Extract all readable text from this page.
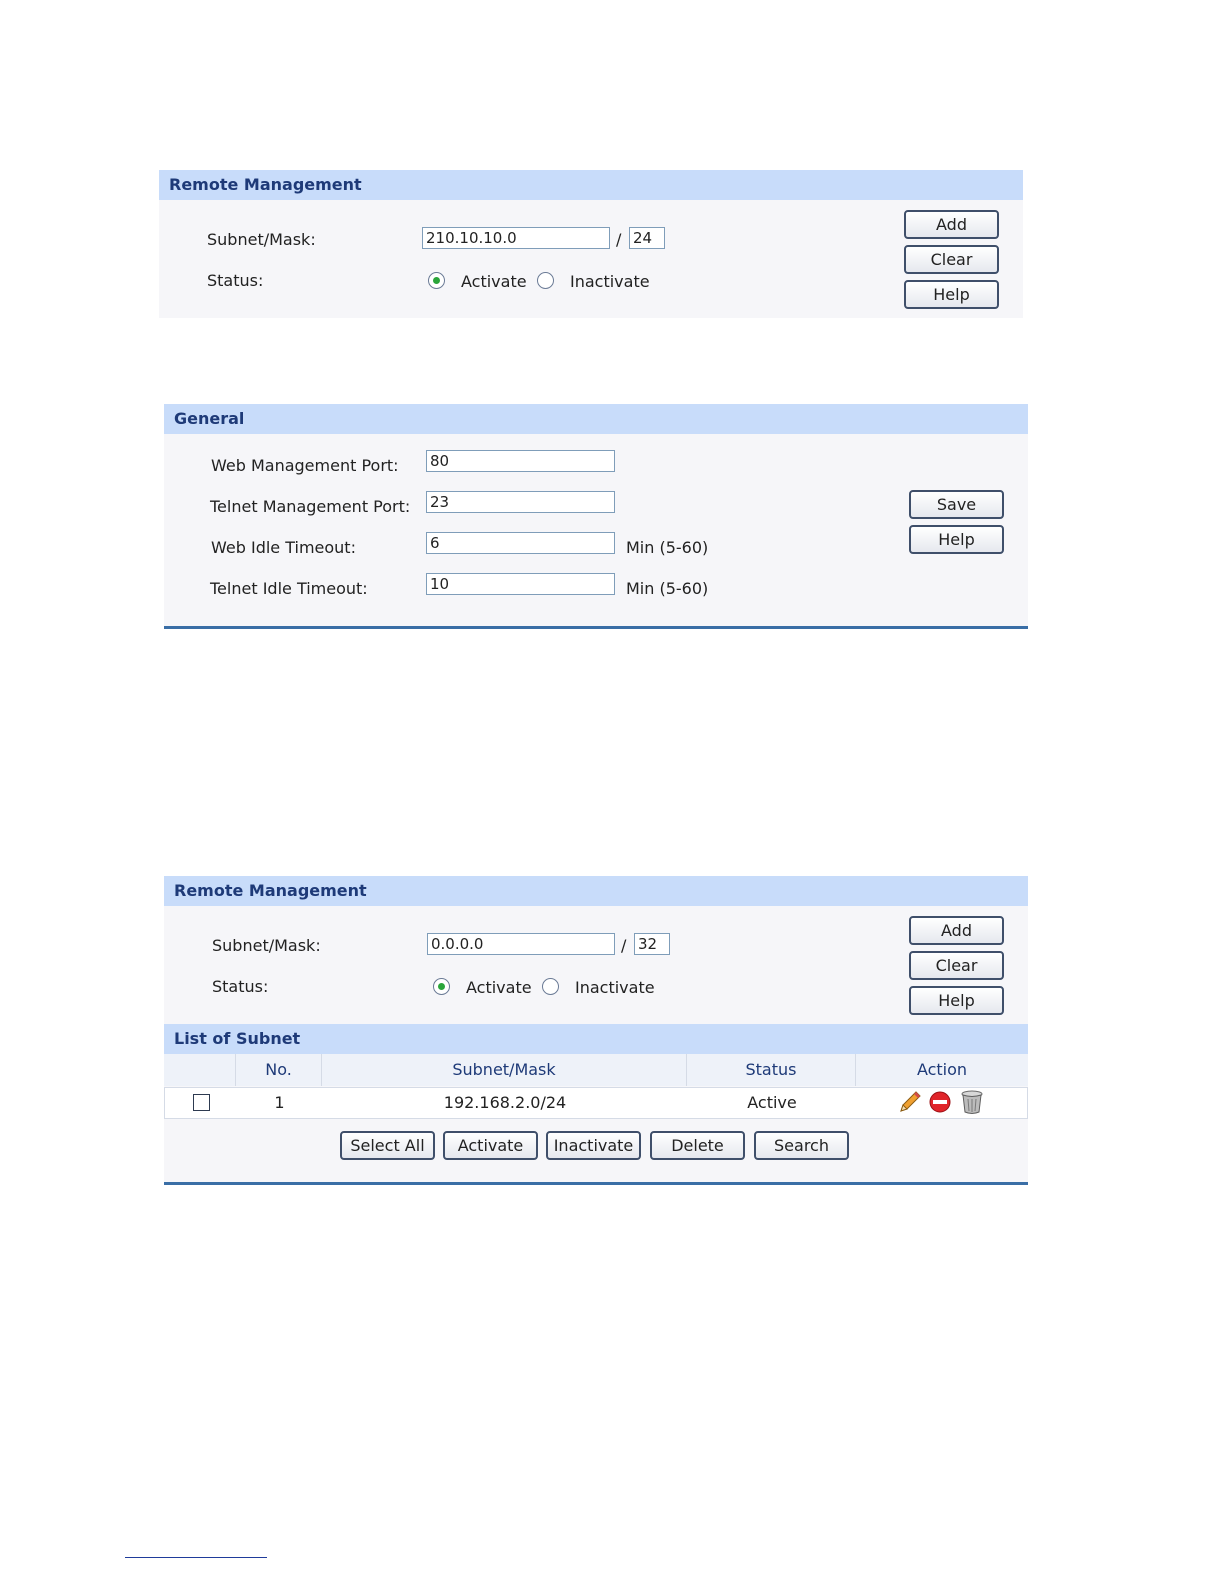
Remote Management
Subnet/Mask:
210.10.10.0	/
24
Status:	Activate	Inactivate
Add
Clear
Help
General
Web Management Port:
80
Telnet Management Port:
23
Web Idle Timeout:
6	Min (5-60)
Telnet Idle Timeout:
10	Min (5-60)
Save
Help
Remote Management
Subnet/Mask:
0.0.0.0	/
32
Status:	Activate	Inactivate
Add
Clear
Help
List of Subnet
No.	Subnet/Mask	Status	Action
1	192.168.2.0/24	Active
Select All	Activate	Inactivate	Delete	Search
